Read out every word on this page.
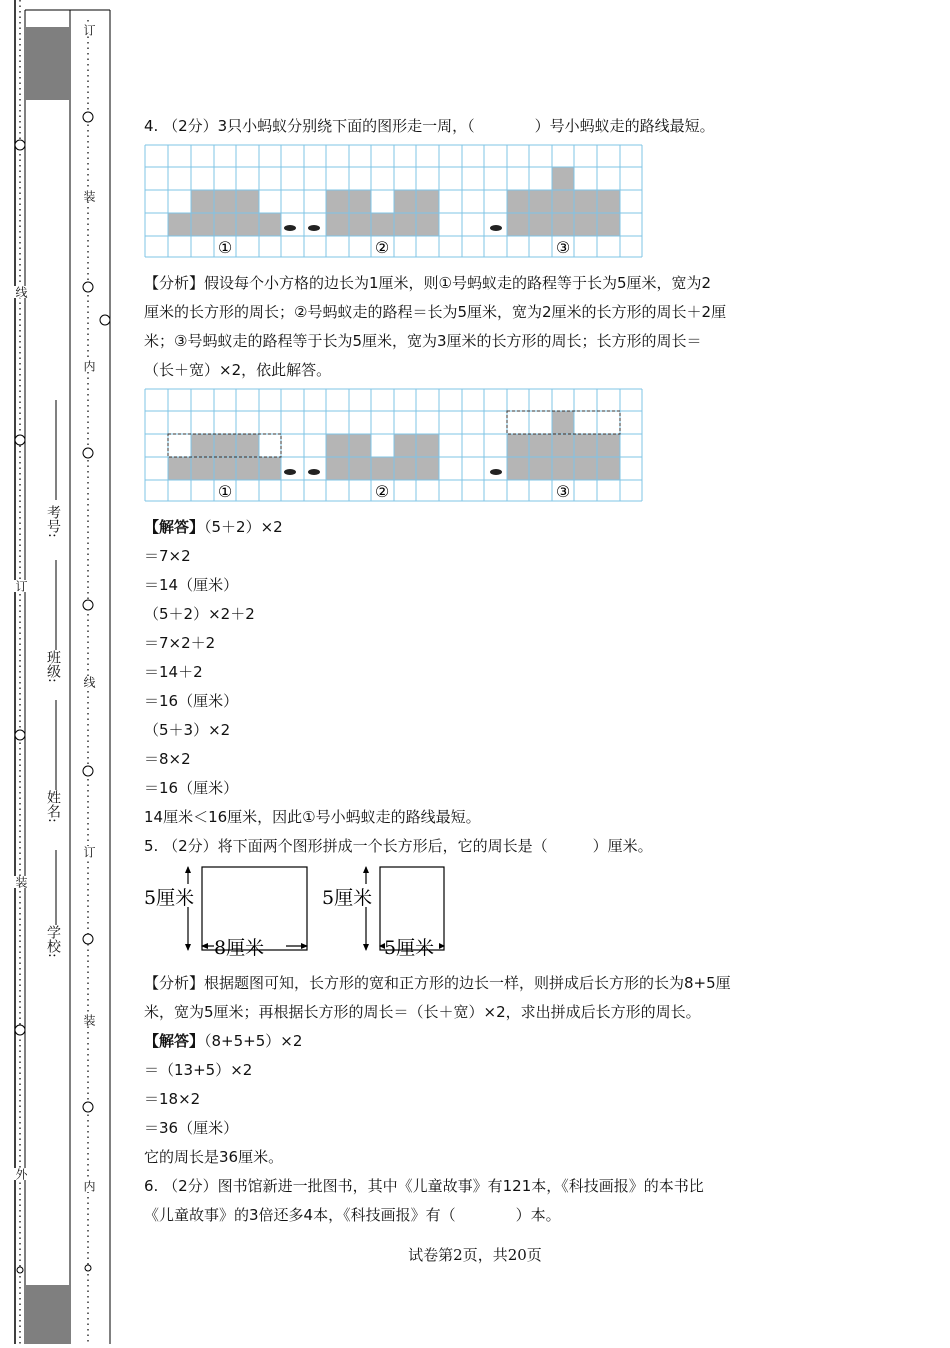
学校:
姓名:
班级:
考号:
外
装
订
线
订
装
内
线
订
装
内
4. （2分）3只小蚂蚁分别绕下面的图形走一周，（　　　　）号小蚂蚁走的路线最短。
①	②	③
【分析】假设每个小方格的边长为1厘米，则①号蚂蚁走的路程等于长为5厘米，宽为2
厘米的长方形的周长；②号蚂蚁走的路程＝长为5厘米，宽为2厘米的长方形的周长＋2厘
米；③号蚂蚁走的路程等于长为5厘米，宽为3厘米的长方形的周长；长方形的周长＝
（长＋宽）×2，依此解答。
①	②	③
【解答】（5＋2）×2
＝7×2
＝14（厘米）
（5＋2）×2＋2
＝7×2＋2
＝14＋2
＝16（厘米）
（5＋3）×2
＝8×2
＝16（厘米）
14厘米＜16厘米，因此①号小蚂蚁走的路线最短。
5. （2分）将下面两个图形拼成一个长方形后，它的周长是（　　　）厘米。
5厘米	5厘米
8厘米	5厘米
【分析】根据题图可知，长方形的宽和正方形的边长一样，则拼成后长方形的长为8+5厘
米，宽为5厘米；再根据长方形的周长＝（长＋宽）×2，求出拼成后长方形的周长。
【解答】（8+5+5）×2
＝（13+5）×2
＝18×2
＝36（厘米）
它的周长是36厘米。
6. （2分）图书馆新进一批图书，其中《儿童故事》有121本，《科技画报》的本书比
《儿童故事》的3倍还多4本，《科技画报》有（　　　　）本。
试卷第2页，共20页
